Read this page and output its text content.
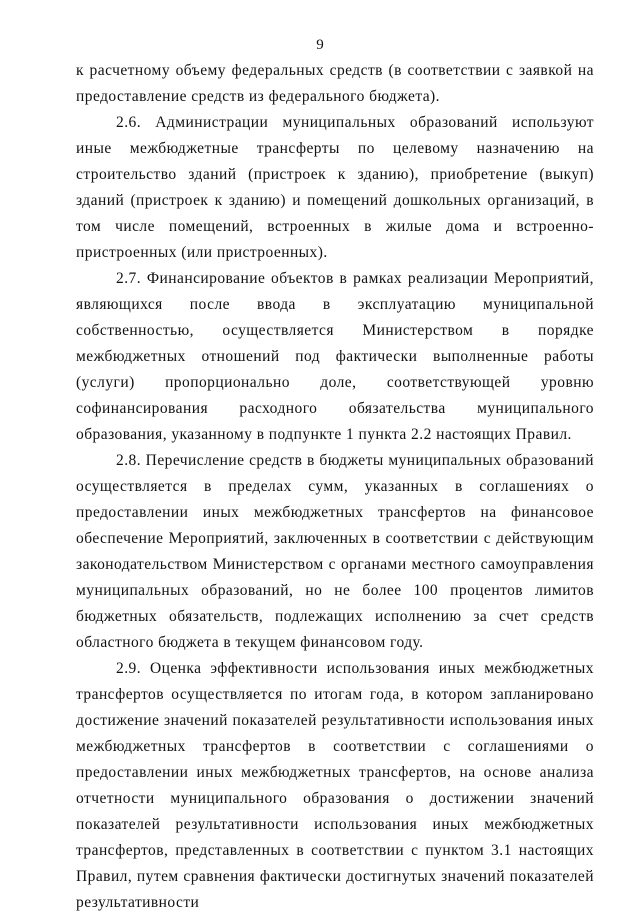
9

к расчетному объему федеральных средств (в соответствии с заявкой на предоставление средств из федерального бюджета).

2.6. Администрации муниципальных образований используют иные межбюджетные трансферты по целевому назначению на строительство зданий (пристроек к зданию), приобретение (выкуп) зданий (пристроек к зданию) и помещений дошкольных организаций, в том числе помещений, встроенных в жилые дома и встроенно-пристроенных (или пристроенных).

2.7. Финансирование объектов в рамках реализации Мероприятий, являющихся после ввода в эксплуатацию муниципальной собственностью, осуществляется Министерством в порядке межбюджетных отношений под фактически выполненные работы (услуги) пропорционально доле, соответствующей уровню софинансирования расходного обязательства муниципального образования, указанному в подпункте 1 пункта 2.2 настоящих Правил.

2.8. Перечисление средств в бюджеты муниципальных образований осуществляется в пределах сумм, указанных в соглашениях о предоставлении иных межбюджетных трансфертов на финансовое обеспечение Мероприятий, заключенных в соответствии с действующим законодательством Министерством с органами местного самоуправления муниципальных образований, но не более 100 процентов лимитов бюджетных обязательств, подлежащих исполнению за счет средств областного бюджета в текущем финансовом году.

2.9. Оценка эффективности использования иных межбюджетных трансфертов осуществляется по итогам года, в котором запланировано достижение значений показателей результативности использования иных межбюджетных трансфертов в соответствии с соглашениями о предоставлении иных межбюджетных трансфертов, на основе анализа отчетности муниципального образования о достижении значений показателей результативности использования иных межбюджетных трансфертов, представленных в соответствии с пунктом 3.1 настоящих Правил, путем сравнения фактически достигнутых значений показателей результативности
